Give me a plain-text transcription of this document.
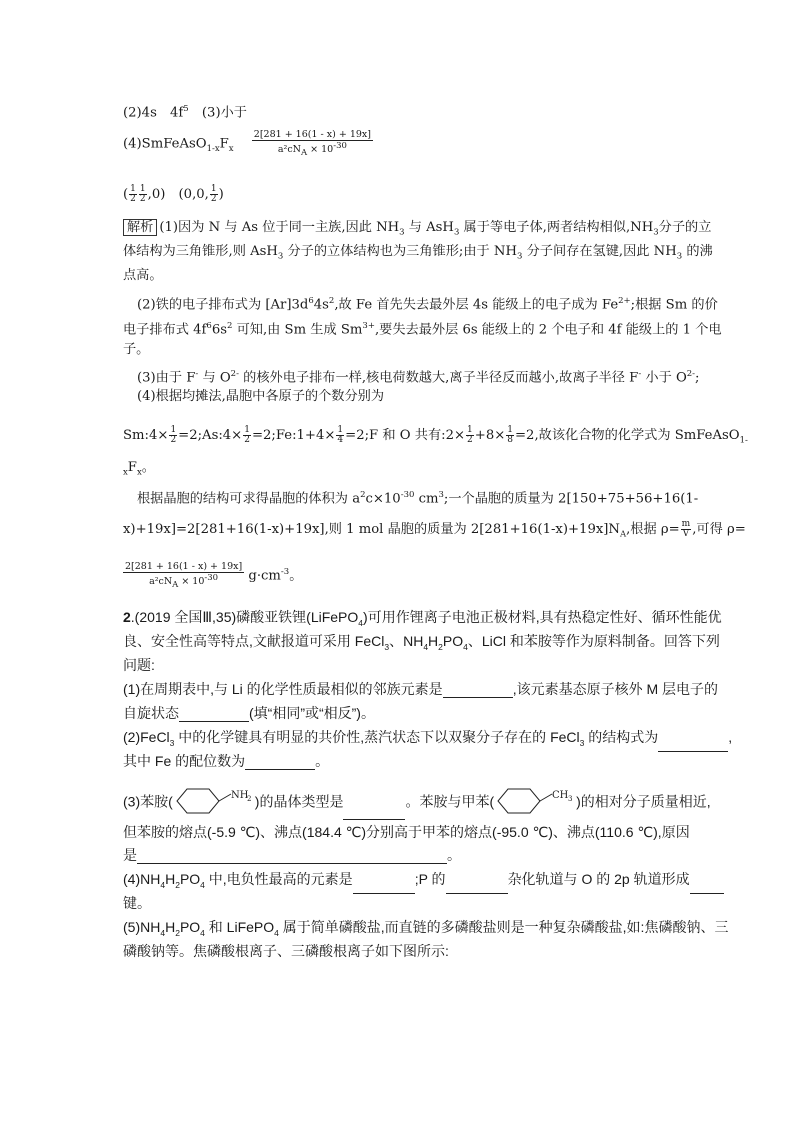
(2)4s　$4f^5$　(3)小于
$(4)SmFeAsO_{1-x}F_x \frac{2[281 + 16(1 - x) + 19x]}{a^2cN_A \times 10^{-30}}$
( $\frac{1}{2} \frac{1}{2} ,0$)　(0,0, $\frac{1}{2}$ )
解析 (1)因为 N 与 As 位于同一主族,因此 $NH_3$ 与 AsH$_3$ 属于等电子体,两者结构相似$,NH_3$分子的立
体结构为三角锥形,则 AsH$_3$ 分子的立体结构也为三角锥形;由于 $NH_3$ 分子间存在氢键,因此 $NH_3$ 的沸
点高。
(2)铁的电子排布式为 $[Ar]3d^64s^2$,故 Fe 首先失去最外层 4s 能级上的电子成为 $Fe^{2+}$;根据 Sm 的价
电子排布式 $4f^66s^2$ 可知,由 Sm 生成 $Sm^{3+}$,要失去最外层 6s 能级上的 2 个电子和 4f 能级上的 1 个电
子。
(3)由于 F- 与 $O^{2-}$ 的核外电子排布一样,核电荷数越大,离子半径反而越小,故离子半径 F- 小于 $O^{2-}$;
(4)根据均摊法,晶胞中各原子的个数分别为
Sm:4× $\frac{1}{2}$ =2;As:4× $\frac{1}{2}$ =2;Fe:1+4× $\frac{1}{4}$ =2;F 和 O 共有:2× $\frac{1}{2} +8\times \frac{1}{8} =2$,故该化合物的化学式为 SmFeAsO$_{1-}$
$_xF_x$。
根据晶胞的结构可求得晶胞的体积为 $a^2c\times 10^{-30}$ $cm^3$;一个晶胞的质量为 2[150+75+56+16(1-
x)+19x]=2[281+16(1-x)+19x],则 1 mol 晶胞的质量为 $2[281+16(1-x)+19x]N_A$,根据 $\rho= \frac{m}{V}$ ,可得 ρ=
$\frac{2[281 + 16(1 - x) + 19x]}{a^2cN_A \times 10^{-30}} g\cdot cm^{-3}$。
2.(2019 全国Ⅲ,35)磷酸亚铁锂(LiFePO$_4$)可用作锂离子电池正极材料,具有热稳定性好、循环性能优
良、安全性高等特点,文献报道可采用 FeCl$_3$、$NH_4H_2PO_4$、LiCl 和苯胺等作为原料制备。回答下列
问题:
(1)在周期表中,与 Li 的化学性质最相似的邻族元素是	,该元素基态原子核外 M 层电子的
自旋状态	(填“相同”或“相反”)。
(2)FeCl$_3$ 中的化学键具有明显的共价性,蒸汽状态下以双聚分子存在的 FeCl$_3$ 的结构式为	,
其中 Fe 的配位数为	。
(3)苯胺(	NH
2 )的晶体类型是	。苯胺与甲苯(	CH 3 )的相对分子质量相近,
但苯胺的熔点(-5.9 ℃)、沸点(184.4 ℃)分别高于甲苯的熔点(-95.0 ℃)、沸点(110.6 ℃),原因
是	。
$(4)NH_4H_2PO_4$ 中,电负性最高的元素是	;P 的	杂化轨道与 O 的 2p 轨道形成
键。
$(5)NH_4H_2PO_4$ 和 LiFePO$_4$ 属于简单磷酸盐,而直链的多磷酸盐则是一种复杂磷酸盐,如:焦磷酸钠、三
磷酸钠等。焦磷酸根离子、三磷酸根离子如下图所示:
